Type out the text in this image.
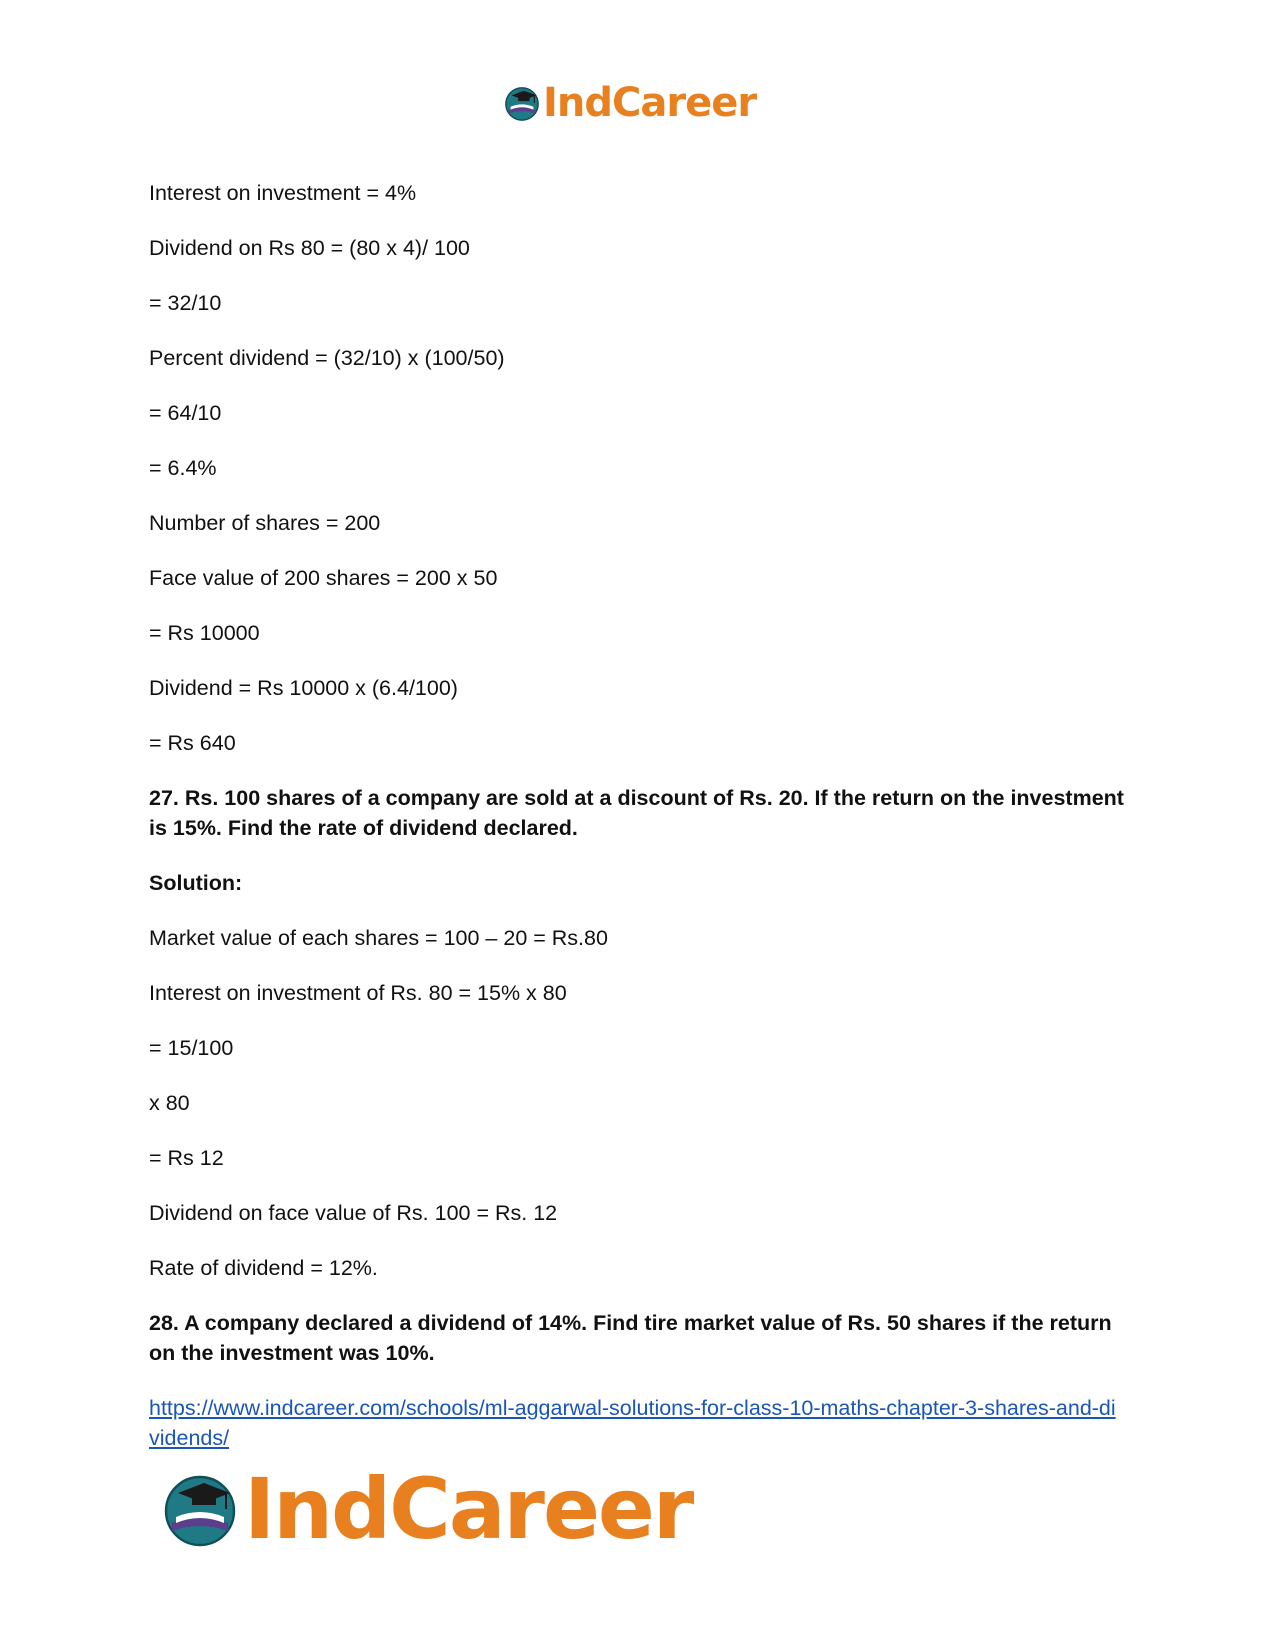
IndCareer

Interest on investment = 4%

Dividend on Rs 80 = (80 x 4)/ 100

= 32/10

Percent dividend = (32/10) x (100/50)

= 64/10

= 6.4%

Number of shares = 200

Face value of 200 shares = 200 x 50

= Rs 10000

Dividend = Rs 10000 x (6.4/100)

= Rs 640

27. Rs. 100 shares of a company are sold at a discount of Rs. 20. If the return on the investment is 15%. Find the rate of dividend declared.

Solution:

Market value of each shares = 100 – 20 = Rs.80

Interest on investment of Rs. 80 = 15% x 80

= 15/100

x 80

= Rs 12

Dividend on face value of Rs. 100 = Rs. 12

Rate of dividend = 12%.

28. A company declared a dividend of 14%. Find tire market value of Rs. 50 shares if the return on the investment was 10%.

https://www.indcareer.com/schools/ml-aggarwal-solutions-for-class-10-maths-chapter-3-shares-and-dividends/
IndCareer
